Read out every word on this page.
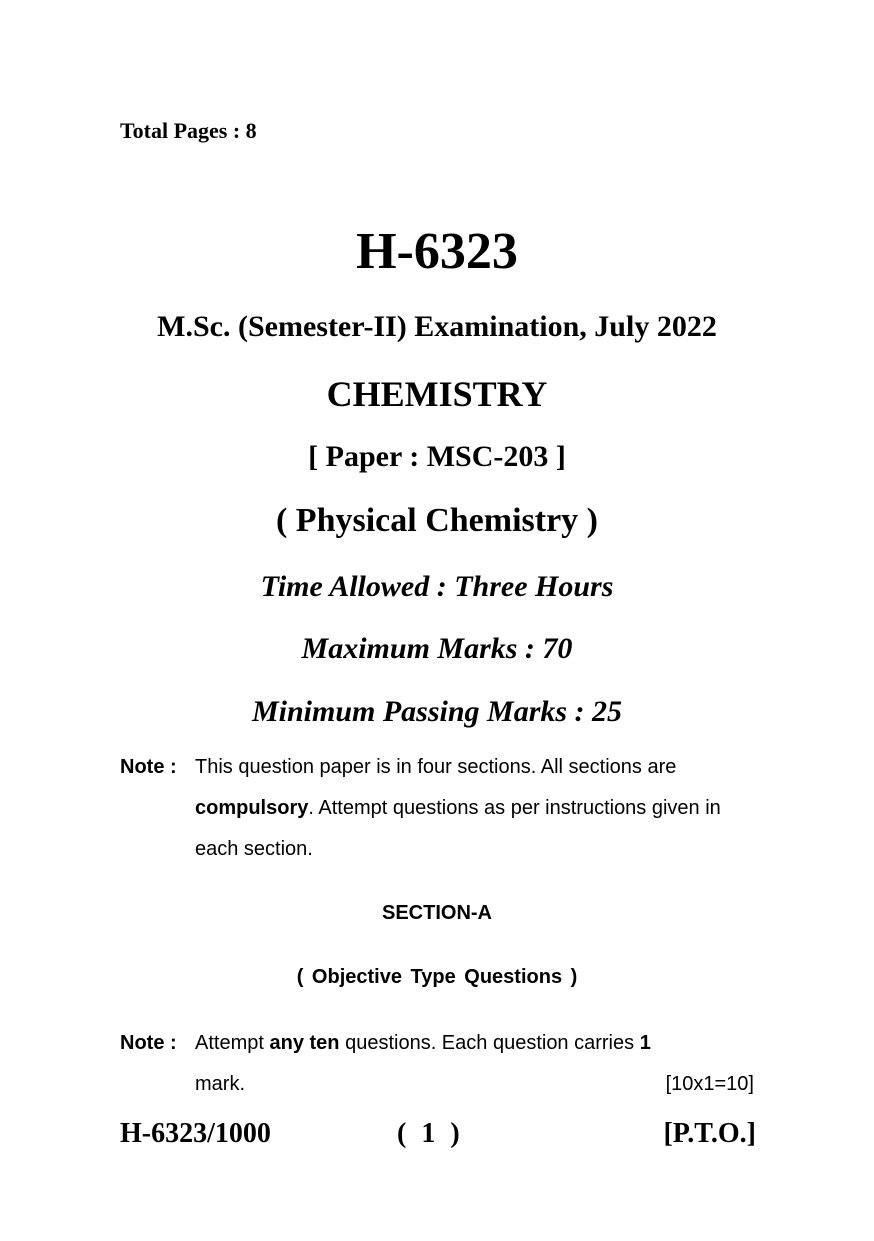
Total Pages : 8
H-6323
M.Sc. (Semester-II) Examination, July 2022
CHEMISTRY
[ Paper : MSC-203 ]
( Physical Chemistry )
Time Allowed : Three Hours
Maximum Marks : 70
Minimum Passing Marks : 25
Note : This question paper is in four sections. All sections are compulsory. Attempt questions as per instructions given in each section.
SECTION-A
( Objective Type Questions )
Note : Attempt any ten questions. Each question carries 1
mark.	[10x1=10]
H-6323/1000	( 1 )	[P.T.O.]
